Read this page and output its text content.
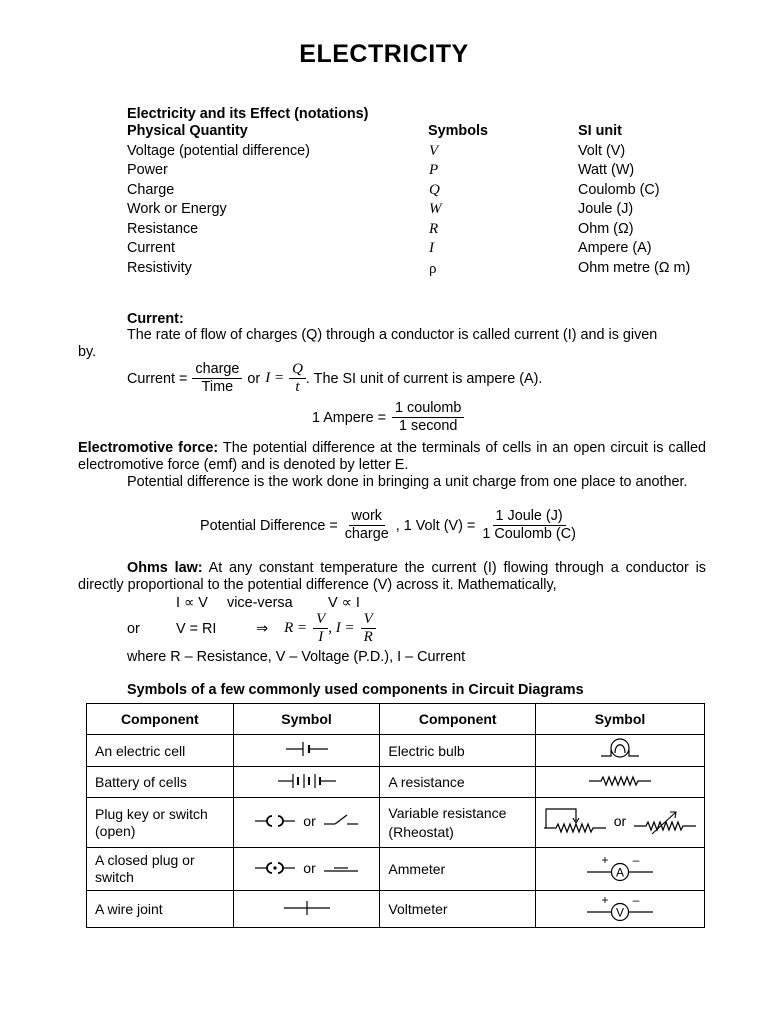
ELECTRICITY
Electricity and its Effect (notations)
Physical Quantity	Symbols	SI unit
Voltage (potential difference)	V	Volt (V)
Power	P	Watt (W)
Charge	Q	Coulomb (C)
Work or Energy	W	Joule (J)
Resistance	R	Ohm (Ω)
Current	I	Ampere (A)
Resistivity	ρ	Ohm metre (Ω m)
Current:
The rate of flow of charges (Q) through a conductor is called current (I) and is given
by.
Current = $\frac{\text{charge}}{\text{Time}}$ or $I = \frac{Q}{t}$ . The SI unit of current is ampere (A).
1 Ampere = $\frac{\text{1 coulomb}}{\text{1 second}}$
Electromotive force: The potential difference at the terminals of cells in an open circuit is called electromotive force (emf) and is denoted by letter E.
Potential difference is the work done in bringing a unit charge from one place to another.
Potential Difference = $\frac{\text{work}}{\text{charge}}$ , 1 Volt $(V) = \frac{\text{1 Joule (J)}}{\text{1 Coulomb (C)}}$
Ohms law: At any constant temperature the current (I) flowing through a conductor is directly proportional to the potential difference (V) across it. Mathematically,
I ∝ V vice-versa V ∝ I
or	V = RI	⇒ $R = \frac{V}{I}$ , $I = \frac{V}{R}$
where R – Resistance, V – Voltage (P.D.), I – Current
Symbols of a few commonly used components in Circuit Diagrams
Component	Symbol	Component	Symbol
An electric cell		Electric bulb	
Battery of cells		A resistance	
Plug key or switch (open)	or	Variable resistance (Rheostat)	or

A closed plug or switch	or	Ammeter	A
+ –

A wire joint		Voltmeter	V
+ –
